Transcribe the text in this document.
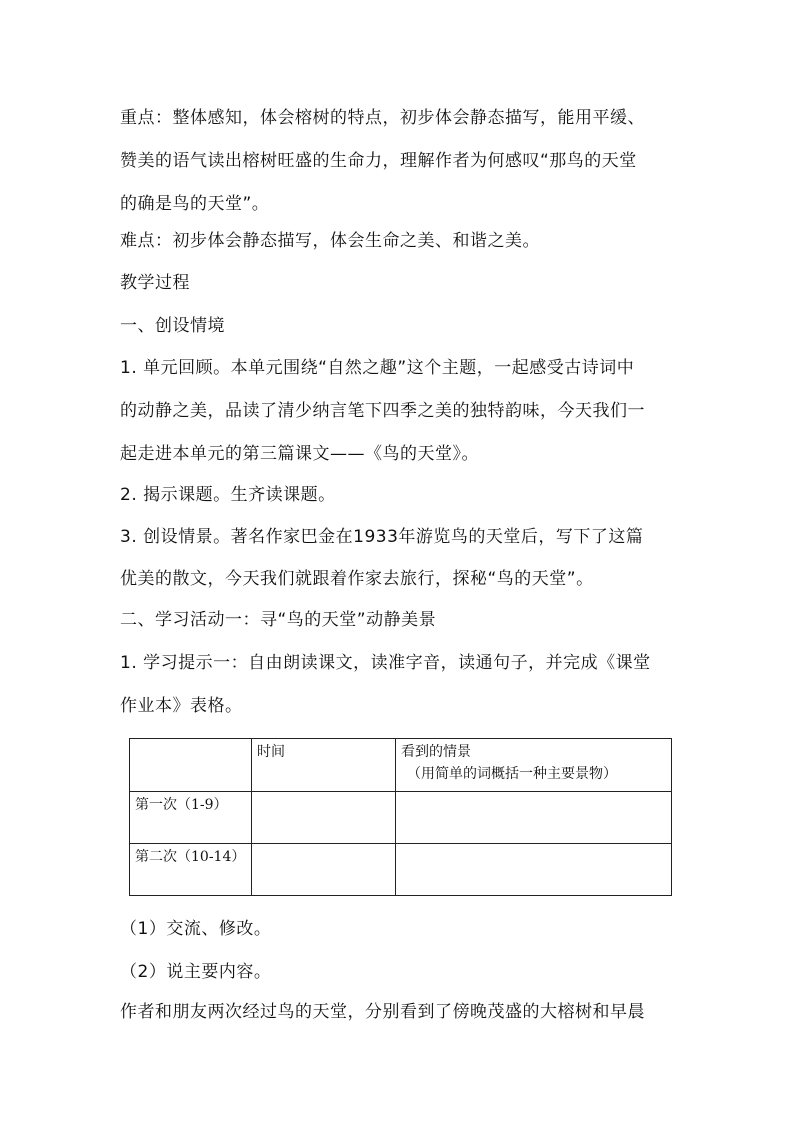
重点：整体感知，体会榕树的特点，初步体会静态描写，能用平缓、
赞美的语气读出榕树旺盛的生命力，理解作者为何感叹“那鸟的天堂
的确是鸟的天堂”。
难点：初步体会静态描写，体会生命之美、和谐之美。
教学过程
一、创设情境
1. 单元回顾。本单元围绕“自然之趣”这个主题，一起感受古诗词中
的动静之美，品读了清少纳言笔下四季之美的独特韵味，今天我们一
起走进本单元的第三篇课文——《鸟的天堂》。
2. 揭示课题。生齐读课题。
3. 创设情景。著名作家巴金在1933年游览鸟的天堂后，写下了这篇
优美的散文，今天我们就跟着作家去旅行，探秘“鸟的天堂”。
二、学习活动一：寻“鸟的天堂”动静美景
1. 学习提示一：自由朗读课文，读准字音，读通句子，并完成《课堂
作业本》表格。
	时间	看到的情景
（用简单的词概括一种主要景物）

第一次（1-9）		
第二次（10-14）		
（1）交流、修改。
（2）说主要内容。
作者和朋友两次经过鸟的天堂，分别看到了傍晚茂盛的大榕树和早晨
